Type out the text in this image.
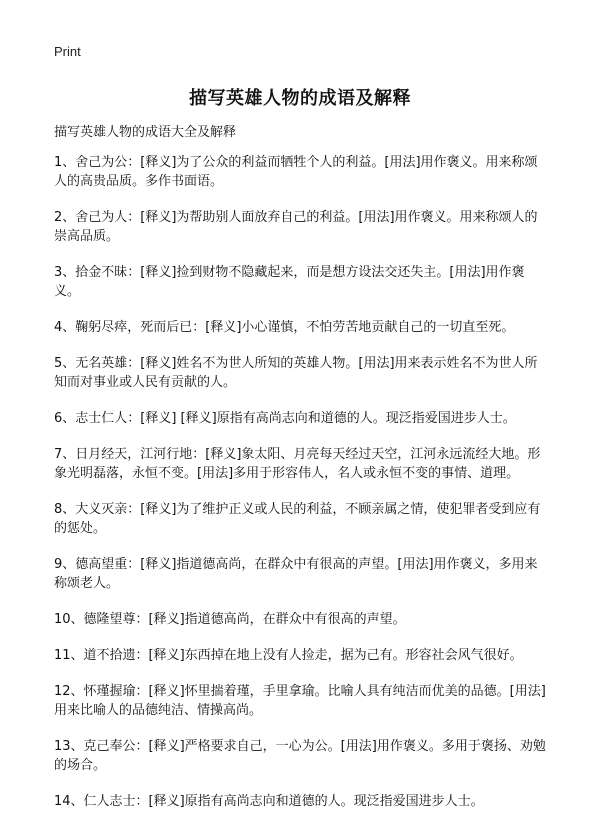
Print
描写英雄人物的成语及解释

描写英雄人物的成语大全及解释

1、舍己为公：[释义]为了公众的利益而牺牲个人的利益。[用法]用作褒义。用来称颂人的高贵品质。多作书面语。

2、舍己为人：[释义]为帮助别人面放弃自己的利益。[用法]用作褒义。用来称颂人的崇高品质。

3、拾金不昧：[释义]捡到财物不隐藏起来，而是想方设法交还失主。[用法]用作褒义。

4、鞠躬尽瘁，死而后已：[释义]小心谨慎，不怕劳苦地贡献自己的一切直至死。

5、无名英雄：[释义]姓名不为世人所知的英雄人物。[用法]用来表示姓名不为世人所知而对事业或人民有贡献的人。

6、志士仁人：[释义] [释义]原指有高尚志向和道德的人。现泛指爱国进步人士。

7、日月经天，江河行地：[释义]象太阳、月亮每天经过天空，江河永远流经大地。形象光明磊落，永恒不变。[用法]多用于形容伟人，名人或永恒不变的事情、道理。

8、大义灭亲：[释义]为了维护正义或人民的利益，不顾亲属之情，使犯罪者受到应有的惩处。

9、德高望重：[释义]指道德高尚，在群众中有很高的声望。[用法]用作褒义，多用来称颂老人。

10、德隆望尊：[释义]指道德高尚，在群众中有很高的声望。

11、道不拾遗：[释义]东西掉在地上没有人捡走，据为己有。形容社会风气很好。

12、怀瑾握瑜：[释义]怀里揣着瑾，手里拿瑜。比喻人具有纯洁而优美的品德。[用法]用来比喻人的品德纯洁、情操高尚。

13、克己奉公：[释义]严格要求自己，一心为公。[用法]用作褒义。多用于褒扬、劝勉的场合。

14、仁人志士：[释义]原指有高尚志向和道德的人。现泛指爱国进步人士。
